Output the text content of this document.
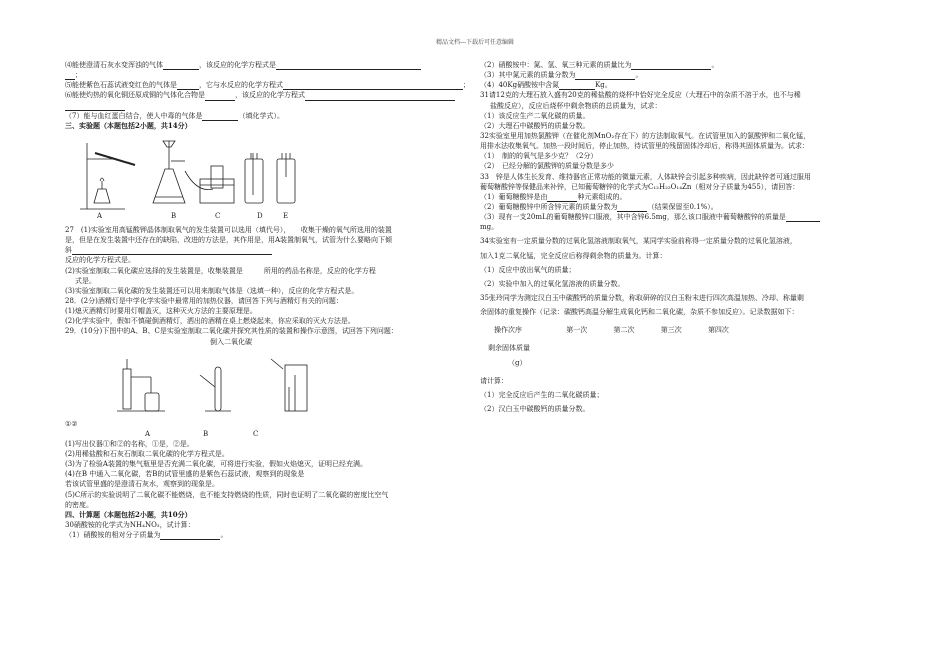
精品文档---下载后可任意编辑
⑷能使澄清石灰水变浑浊的气体	，该反应的化学方程式是
；
⑸能使紫色石蕊试液变红色的气体是	，它与水反应的化学方程式	；
⑹能使灼热的氧化铜还原成铜的气体化合物是	，该反应的化学方程式
（7）能与血红蛋白结合，使人中毒的气体是	（填化学式）。
三、实验题（本题包括2小题，共14分）
A	B	C	D	E
27　(1)实验室用高锰酸钾晶体制取氧气的发生装置可以选用（填代号），　　收集干燥的氧气所选用的装置
是，但是在发生装置中还存在的缺陷，改进的方法是，其作用是，用A装置制氧气，试管为什么要略向下倾
斜
反应的化学方程式是。
(2)实验室制取二氧化碳应选择的发生装置是，收集装置是　　　所用的药品名称是，反应的化学方程
式是。
(3)实验室制取二氧化碳的发生装置还可以用来制取气体是（选填一种），反应的化学方程式是。
28．(2分)酒精灯是中学化学实验中最常用的加热仪器，请回答下列与酒精灯有关的问题：
(1)熄灭酒精灯时要用灯帽盖灭，这种灭火方法的主要原理是。
(2)化学实验中，假如不慎碰倒酒精灯，洒出的酒精在桌上燃烧起来，你应采取的灭火方法是。
29．(10分)下图中的A、B、C是实验室制取二氧化碳并探究其性质的装置和操作示意图，试回答下列问题：
倒入二氧化碳
①②
A	B	C
(1)写出仪器①和②的名称，①是，②是。
(2)用稀盐酸和石灰石制取二氧化碳的化学方程式是。
(3)为了检验A装置的集气瓶里是否充满二氧化碳，可将进行实验，假如火焰熄灭，证明已经充满。
(4)在B 中通入二氧化碳，若B的试管里盛的是紫色石蕊试液，观察到的现象是
若该试管里盛的是澄清石灰水，观察到的现象是。
(5)C所示的实验说明了二氧化碳不能燃烧，也不能支持燃烧的性质，同时也证明了二氧化碳的密度比空气
的密度。
四、计算题（本题包括2小题，共10分）
30硝酸铵的化学式为NH₄NO₃，试计算：
（1）硝酸铵的相对分子质量为	。
（2）硝酸铵中：氮、氢、氧三种元素的质量比为	。
（3）其中氮元素的质量分数为	。
（4）40Kg硝酸铵中含氮	Kg。
31请12克的大理石放入盛有20克的稀盐酸的烧杯中恰好完全反应（大理石中的杂质不溶于水，也不与稀
盐酸反应），反应后烧杯中剩余物质的总质量为，试求：
（1）该反应生产二氧化碳的质量。
（2）大理石中碳酸钙的质量分数。
32实验室里用加热氯酸钾（在催化剂MnO₂存在下）的方法制取氧气。在试管里加入的氯酸钾和二氧化锰，
用排水法收集氧气。加热一段时间后，停止加热，待试管里的残留固体冷却后，称得其固体质量为。试求：
（1）　制的的氧气是多少克？（2分）
（2）　已经分解的氯酸钾的质量分数是多少
33　锌是人体生长发育、维持器官正常功能的微量元素，人体缺锌会引起多种疾病，因此缺锌者可通过服用
葡萄糖酸锌等保健品来补锌，已知葡萄糖锌的化学式为C₁₂H₂₂O₁₄Zn（相对分子质量为455），请回答：
（1）葡萄糖酸锌是由	种元素组成的。
（2）葡萄糖酸锌中所含锌元素的质量分数为	（结果保留至0.1%）。
（3）现有一支20mL的葡萄糖酸锌口服液，其中含锌6.5mg，那么该口服液中葡萄糖酸锌的质量是
mg。
34实验室有一定质量分数的过氧化氢溶液制取氧气，某同学实验前称得一定质量分数的过氧化氢溶液，
加入1克二氧化锰，完全反应后称得剩余物的质量为。计算：
（1）反应中放出氧气的质量；
（2）实验中加入的过氧化氢溶液的质量分数。
35张玲同学为测定汉白玉中碳酸钙的质量分数，称取研碎的汉白玉粉末进行四次高温加热、冷却、称量剩
余固体的重复操作（记录：碳酸钙高温分解生成氧化钙和二氧化碳，杂质不参加反应）。记录数据如下：
操作次序	第一次	第二次	第三次	第四次
剩余固体质量
（g）
请计算：
（1）完全反应后产生的二氧化碳质量；
（2）汉白玉中碳酸钙的质量分数。
